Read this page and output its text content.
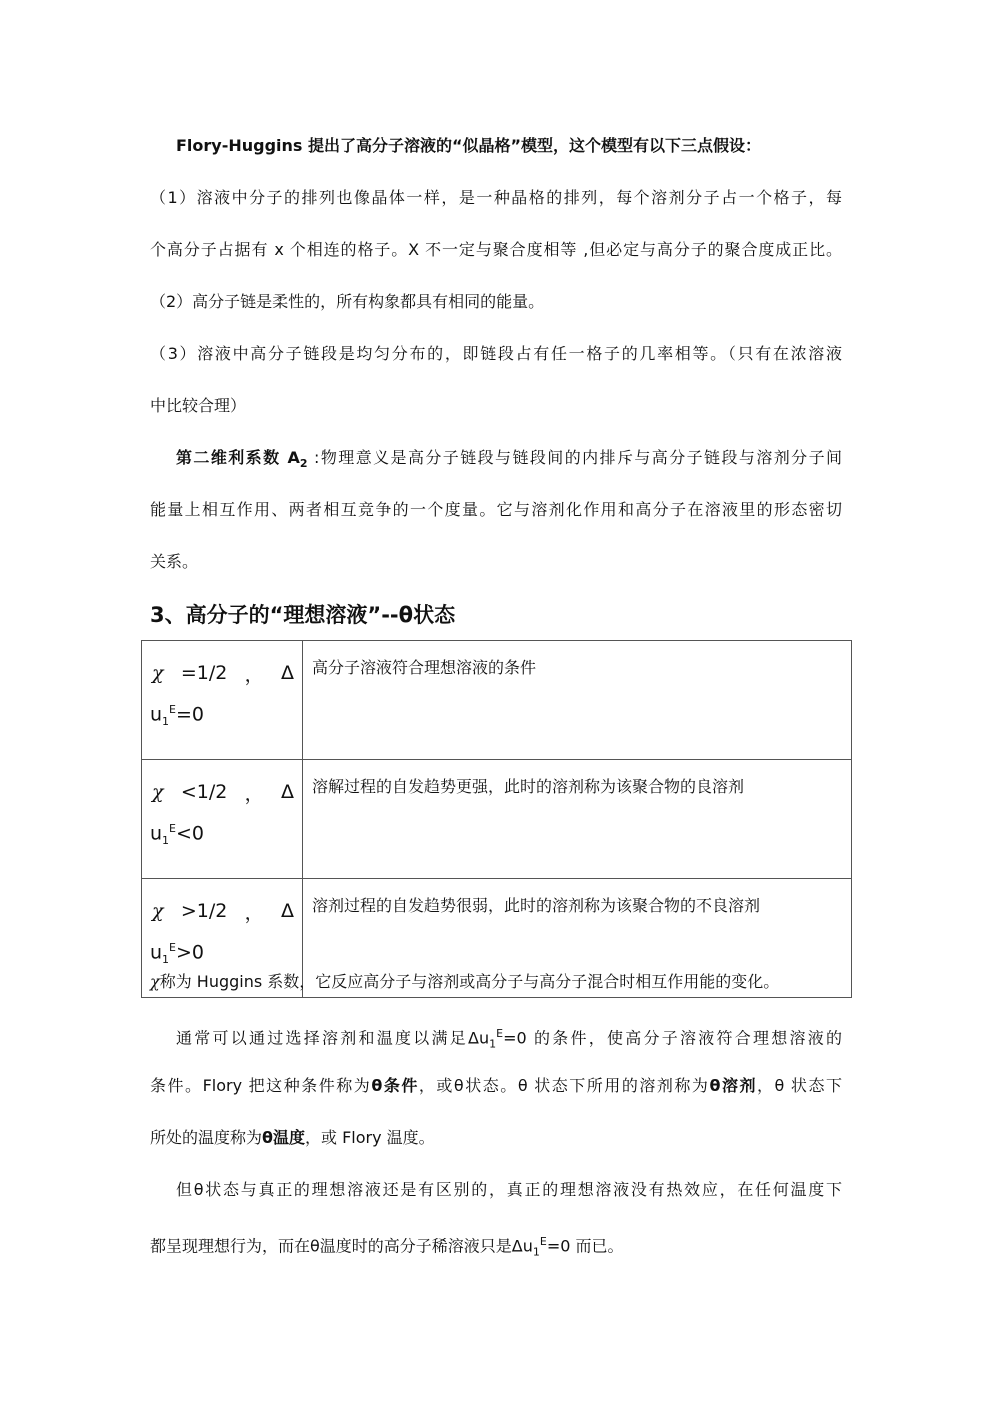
Flory-Huggins 提出了高分子溶液的“似晶格”模型，这个模型有以下三点假设：
（1）溶液中分子的排列也像晶体一样，是一种晶格的排列，每个溶剂分子占一个格子，每
个高分子占据有 x 个相连的格子。X 不一定与聚合度相等 ,但必定与高分子的聚合度成正比。
（2）高分子链是柔性的，所有构象都具有相同的能量。
（3）溶液中高分子链段是均匀分布的，即链段占有任一格子的几率相等。（只有在浓溶液
中比较合理）
第二维利系数 $A_2$ :物理意义是高分子链段与链段间的内排斥与高分子链段与溶剂分子间
能量上相互作用、两者相互竞争的一个度量。它与溶剂化作用和高分子在溶液里的形态密切
关系。
3、高分子的“理想溶液”--θ状态
χ =1/2 ， Δ
$u_1^E=0$	高分子溶液符合理想溶液的条件

χ <1/2 ， Δ
$u_1^E<0$	溶解过程的自发趋势更强，此时的溶剂称为该聚合物的良溶剂

χ >1/2 ， Δ
$u_1^E>0$	溶剂过程的自发趋势很弱，此时的溶剂称为该聚合物的不良溶剂
χ称为 Huggins 系数，它反应高分子与溶剂或高分子与高分子混合时相互作用能的变化。
通常可以通过选择溶剂和温度以满足$\Delta u_1^E=0$ 的条件，使高分子溶液符合理想溶液的
条件。Flory 把这种条件称为θ条件，或θ状态。θ 状态下所用的溶剂称为θ溶剂，θ 状态下
所处的温度称为θ温度，或 Flory 温度。
但θ状态与真正的理想溶液还是有区别的，真正的理想溶液没有热效应，在任何温度下
都呈现理想行为，而在θ温度时的高分子稀溶液只是$\Delta u_1^E=0$ 而已。
